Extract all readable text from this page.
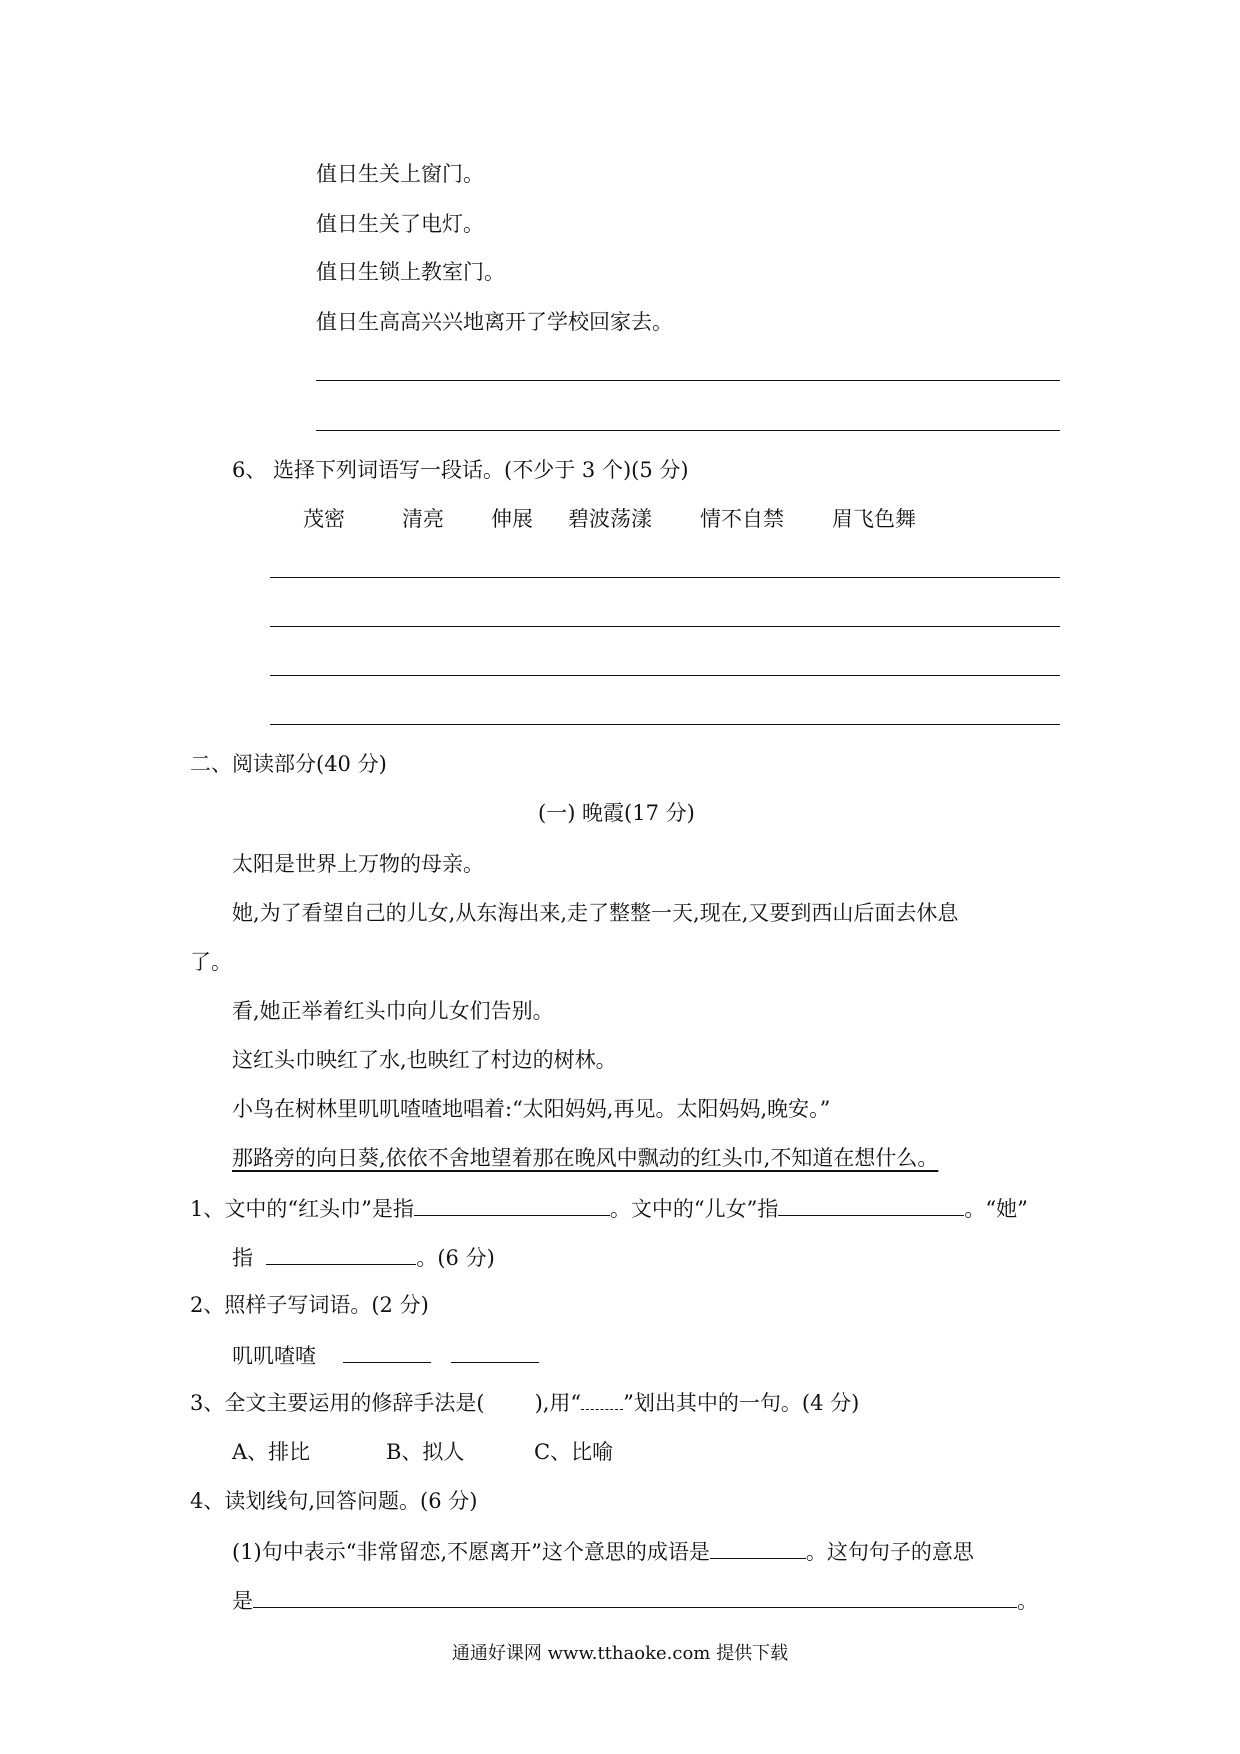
值日生关上窗门。
值日生关了电灯。
值日生锁上教室门。
值日生高高兴兴地离开了学校回家去。
6、 选择下列词语写一段话。(不少于 3 个)(5 分)
茂密	清亮 伸展 碧波荡漾 情不自禁 眉飞色舞
二、阅读部分(40 分)
(一) 晚霞(17 分)
太阳是世界上万物的母亲。
她,为了看望自己的儿女,从东海出来,走了整整一天,现在,又要到西山后面去休息
了。
看,她正举着红头巾向儿女们告别。
这红头巾映红了水,也映红了村边的树林。
小鸟在树林里叽叽喳喳地唱着:“太阳妈妈,再见。太阳妈妈,晚安。”
那路旁的向日葵,依依不舍地望着那在晚风中飘动的红头巾,不知道在想什么。
1、文中的“红头巾”是指	。文中的“儿女”指	。“她”
指	。(6 分)
2、照样子写词语。(2 分)
叽叽喳喳
3、全文主要运用的修辞手法是( ),用“ ”划出其中的一句。(4 分)
A、排比	B、拟人	C、比喻
4、读划线句,回答问题。(6 分)
(1)句中表示“非常留恋,不愿离开”这个意思的成语是	。这句句子的意思
是	。
通通好课网 www.tthaoke.com 提供下载
